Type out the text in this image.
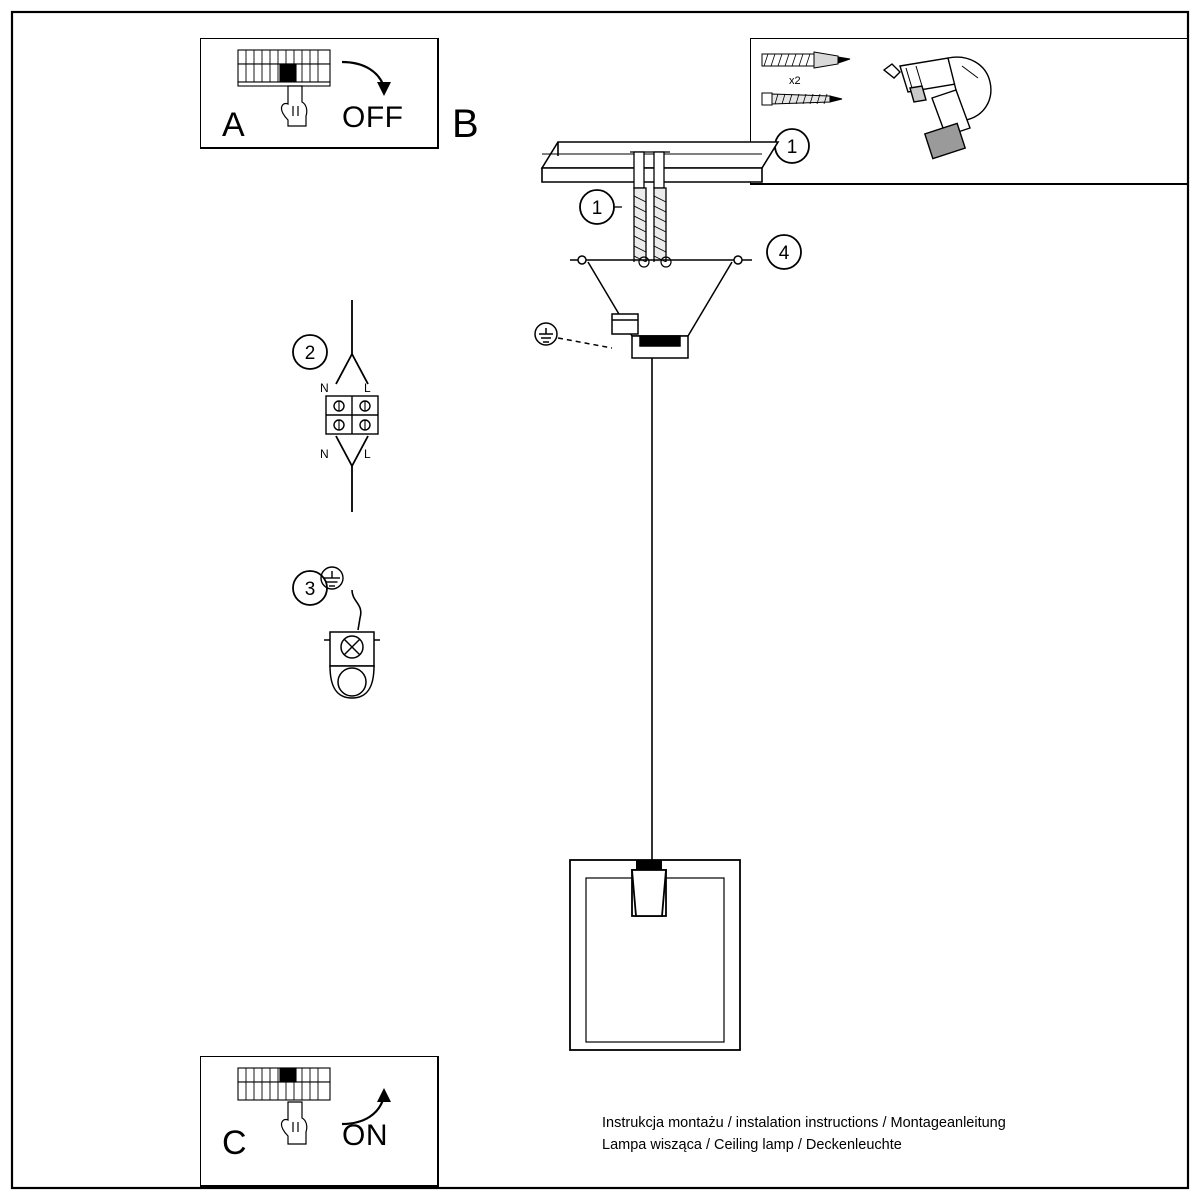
A	OFF B
1
x2
1
4
2
N	L
N	L
3
C	ON	Instrukcja montażu / instalation instructions / Montageanleitung
Lampa wisząca / Ceiling lamp / Deckenleuchte
